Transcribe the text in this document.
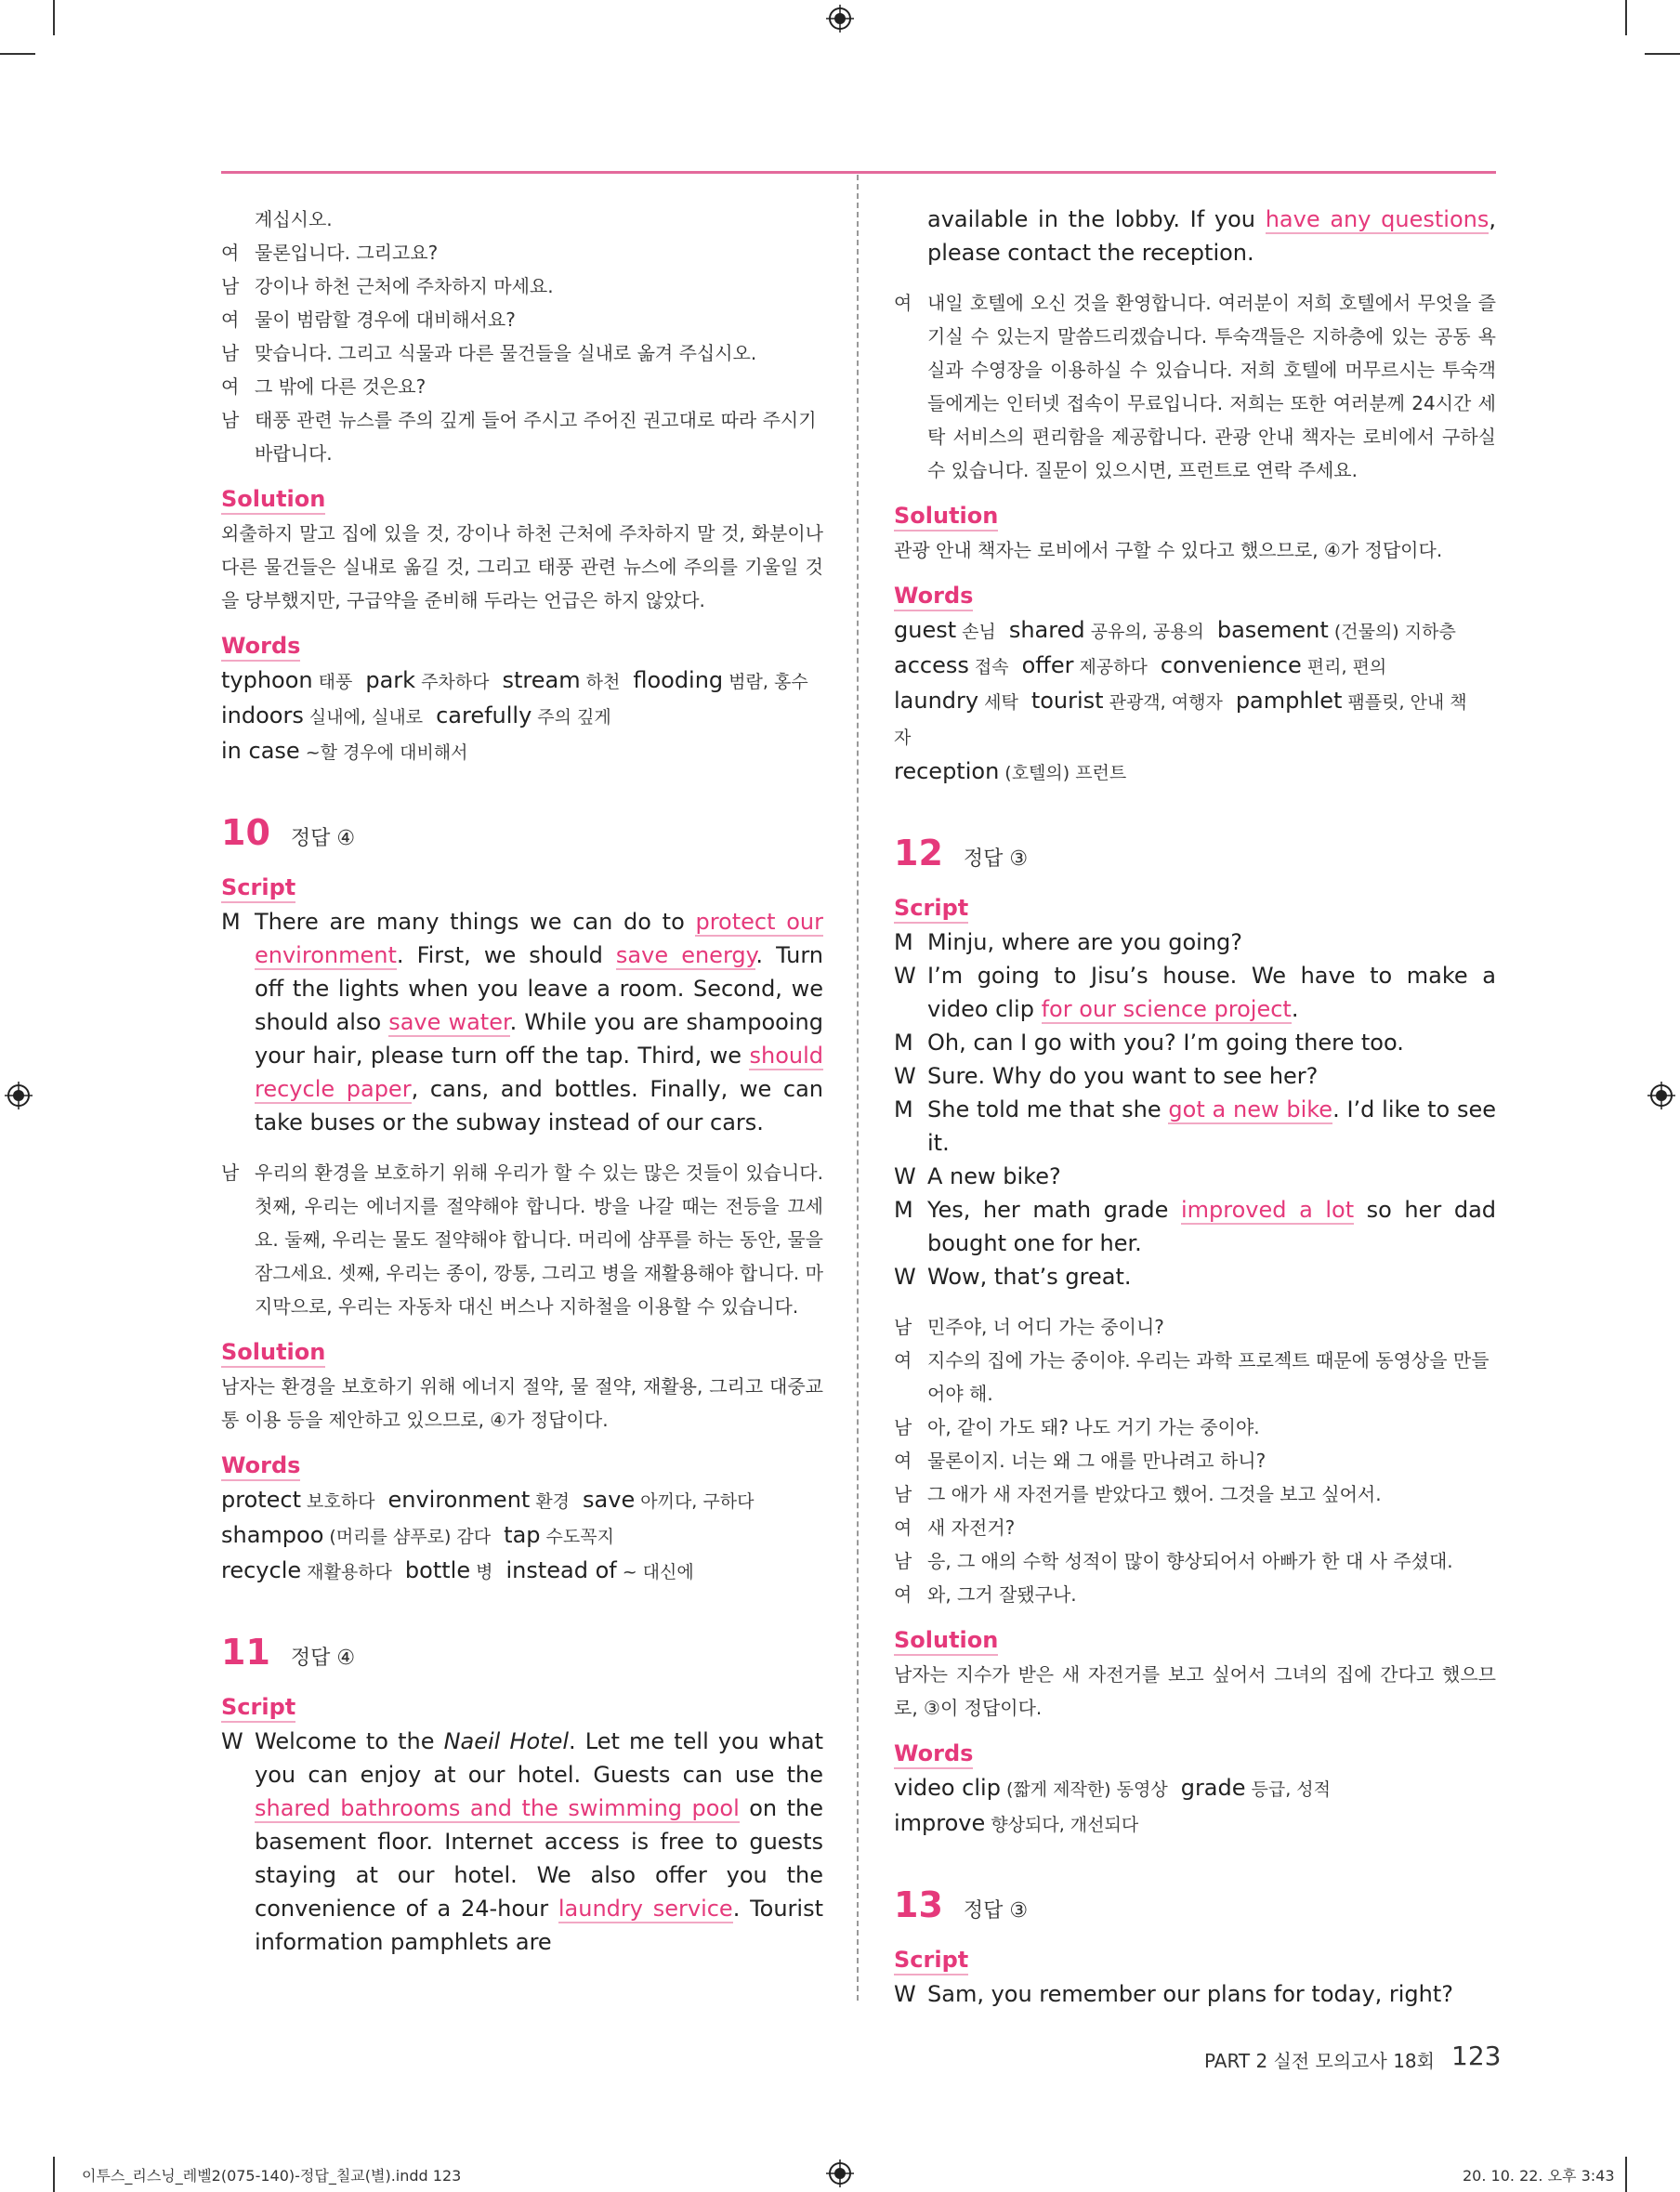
계십시오.
여 물론입니다. 그리고요?
남 강이나 하천 근처에 주차하지 마세요.
여 물이 범람할 경우에 대비해서요?
남 맞습니다. 그리고 식물과 다른 물건들을 실내로 옮겨 주십시오.
여 그 밖에 다른 것은요?
남 태풍 관련 뉴스를 주의 깊게 들어 주시고 주어진 권고대로 따라 주시기
바랍니다.
Solution
외출하지 말고 집에 있을 것, 강이나 하천 근처에 주차하지 말 것, 화분이나 다른 물건들은 실내로 옮길 것, 그리고 태풍 관련 뉴스에 주의를 기울일 것을 당부했지만, 구급약을 준비해 두라는 언급은 하지 않았다.
Words
typhoon 태풍 park 주차하다 stream 하천 flooding 범람, 홍수
indoors 실내에, 실내로 carefully 주의 깊게
in case ~할 경우에 대비해서
10 정답 ④
Script
M There are many things we can do to protect our environment. First, we should save energy. Turn off the lights when you leave a room. Second, we should also save water. While you are shampooing your hair, please turn off the tap. Third, we should recycle paper, cans, and bottles. Finally, we can take buses or the subway instead of our cars.
남 우리의 환경을 보호하기 위해 우리가 할 수 있는 많은 것들이 있습니다. 첫째, 우리는 에너지를 절약해야 합니다. 방을 나갈 때는 전등을 끄세요. 둘째, 우리는 물도 절약해야 합니다. 머리에 샴푸를 하는 동안, 물을 잠그세요. 셋째, 우리는 종이, 깡통, 그리고 병을 재활용해야 합니다. 마지막으로, 우리는 자동차 대신 버스나 지하철을 이용할 수 있습니다.
Solution
남자는 환경을 보호하기 위해 에너지 절약, 물 절약, 재활용, 그리고 대중교통 이용 등을 제안하고 있으므로, ④가 정답이다.
Words
protect 보호하다 environment 환경 save 아끼다, 구하다
shampoo (머리를 샴푸로) 감다 tap 수도꼭지
recycle 재활용하다 bottle 병 instead of ~ 대신에
11 정답 ④
Script
W Welcome to the Naeil Hotel. Let me tell you what you can enjoy at our hotel. Guests can use the shared bathrooms and the swimming pool on the basement floor. Internet access is free to guests staying at our hotel. We also offer you the convenience of a 24-hour laundry service. Tourist information pamphlets are
available in the lobby. If you have any questions, please contact the reception.
여 내일 호텔에 오신 것을 환영합니다. 여러분이 저희 호텔에서 무엇을 즐기실 수 있는지 말씀드리겠습니다. 투숙객들은 지하층에 있는 공동 욕실과 수영장을 이용하실 수 있습니다. 저희 호텔에 머무르시는 투숙객들에게는 인터넷 접속이 무료입니다. 저희는 또한 여러분께 24시간 세탁 서비스의 편리함을 제공합니다. 관광 안내 책자는 로비에서 구하실 수 있습니다. 질문이 있으시면, 프런트로 연락 주세요.
Solution
관광 안내 책자는 로비에서 구할 수 있다고 했으므로, ④가 정답이다.
Words
guest 손님 shared 공유의, 공용의 basement (건물의) 지하층
access 접속 offer 제공하다 convenience 편리, 편의
laundry 세탁 tourist 관광객, 여행자 pamphlet 팸플릿, 안내 책자
reception (호텔의) 프런트
12 정답 ③
Script
M Minju, where are you going?
W I’m going to Jisu’s house. We have to make a video clip for our science project.
M Oh, can I go with you? I’m going there too.
W Sure. Why do you want to see her?
M She told me that she got a new bike. I’d like to see it.
W A new bike?
M Yes, her math grade improved a lot so her dad bought one for her.
W Wow, that’s great.
남 민주야, 너 어디 가는 중이니?
여 지수의 집에 가는 중이야. 우리는 과학 프로젝트 때문에 동영상을 만들어야 해.
남 아, 같이 가도 돼? 나도 거기 가는 중이야.
여 물론이지. 너는 왜 그 애를 만나려고 하니?
남 그 애가 새 자전거를 받았다고 했어. 그것을 보고 싶어서.
여 새 자전거?
남 응, 그 애의 수학 성적이 많이 향상되어서 아빠가 한 대 사 주셨대.
여 와, 그거 잘됐구나.
Solution
남자는 지수가 받은 새 자전거를 보고 싶어서 그녀의 집에 간다고 했으므로, ③이 정답이다.
Words
video clip (짧게 제작한) 동영상 grade 등급, 성적
improve 향상되다, 개선되다
13 정답 ③
Script
W Sam, you remember our plans for today, right?
PART 2 실전 모의고사 18회 123
이투스_리스닝_레벨2(075-140)-정답_칠교(별).indd 123	20. 10. 22. 오후 3:43
